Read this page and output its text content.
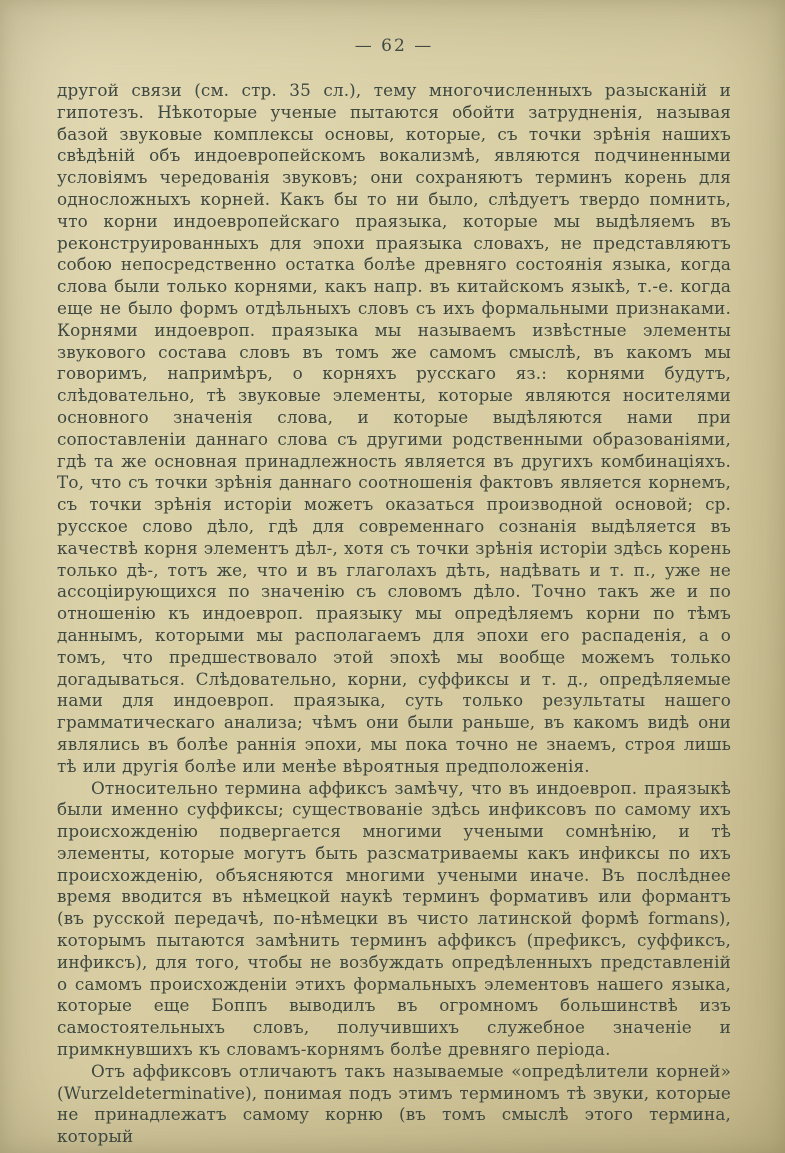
— 62 —

другой связи (см. стр. 35 сл.), тему многочисленныхъ разысканій и гипотезъ. Нѣкоторые ученые пытаются обойти затрудненія, называя базой звуковые комплексы основы, которые, съ точки зрѣнія нашихъ свѣдѣній объ индоевропейскомъ вокализмѣ, являются подчиненными условіямъ чередованія звуковъ; они сохраняютъ терминъ корень для односложныхъ корней. Какъ бы то ни было, слѣдуетъ твердо помнить, что корни индоевропейскаго праязыка, которые мы выдѣляемъ въ реконструированныхъ для эпохи праязыка словахъ, не представляютъ собою непосредственно остатка болѣе древняго состоянія языка, когда слова были только корнями, какъ напр. въ китайскомъ языкѣ, т.-е. когда еще не было формъ отдѣльныхъ словъ съ ихъ формальными признаками. Корнями индоевроп. праязыка мы называемъ извѣстные элементы звукового состава словъ въ томъ же самомъ смыслѣ, въ какомъ мы говоримъ, напримѣръ, о корняхъ русскаго яз.: корнями будутъ, слѣдовательно, тѣ звуковые элементы, которые являются носителями основного значенія слова, и которые выдѣляются нами при сопоставленіи даннаго слова съ другими родственными образованіями, гдѣ та же основная принадлежность является въ другихъ комбинаціяхъ. То, что съ точки зрѣнія даннаго соотношенія фактовъ является корнемъ, съ точки зрѣнія исторіи можетъ оказаться производной основой; ср. русское слово дѣло, гдѣ для современнаго сознанія выдѣляется въ качествѣ корня элементъ дѣл-, хотя съ точки зрѣнія исторіи здѣсь корень только дѣ-, тотъ же, что и въ глаголахъ дѣть, надѣвать и т. п., уже не ассоціирующихся по значенію съ словомъ дѣло. Точно такъ же и по отношенію къ индоевроп. праязыку мы опредѣляемъ корни по тѣмъ даннымъ, которыми мы располагаемъ для эпохи его распаденія, а о томъ, что предшествовало этой эпохѣ мы вообще можемъ только догадываться. Слѣдовательно, корни, суффиксы и т. д., опредѣляемые нами для индоевроп. праязыка, суть только результаты нашего грамматическаго анализа; чѣмъ они были раньше, въ какомъ видѣ они являлись въ болѣе раннія эпохи, мы пока точно не знаемъ, строя лишь тѣ или другія болѣе или менѣе вѣроятныя предположенія.

Относительно термина аффиксъ замѣчу, что въ индоевроп. праязыкѣ были именно суффиксы; существованіе здѣсь инфиксовъ по самому ихъ происхожденію подвергается многими учеными сомнѣнію, и тѣ элементы, которые могутъ быть разсматриваемы какъ инфиксы по ихъ происхожденію, объясняются многими учеными иначе. Въ послѣднее время вводится въ нѣмецкой наукѣ терминъ формативъ или формантъ (въ русской передачѣ, по-нѣмецки въ чисто латинской формѣ formans), которымъ пытаются замѣнить терминъ аффиксъ (префиксъ, суффиксъ, инфиксъ), для того, чтобы не возбуждать опредѣленныхъ представленій о самомъ происхожденіи этихъ формальныхъ элементовъ нашего языка, которые еще Боппъ выводилъ въ огромномъ большинствѣ изъ самостоятельныхъ словъ, получившихъ служебное значеніе и примкнувшихъ къ словамъ-корнямъ болѣе древняго періода.

Отъ аффиксовъ отличаютъ такъ называемые «опредѣлители корней» (Wurzeldeterminative), понимая подъ этимъ терминомъ тѣ звуки, которые не принадлежатъ самому корню (въ томъ смыслѣ этого термина, который
